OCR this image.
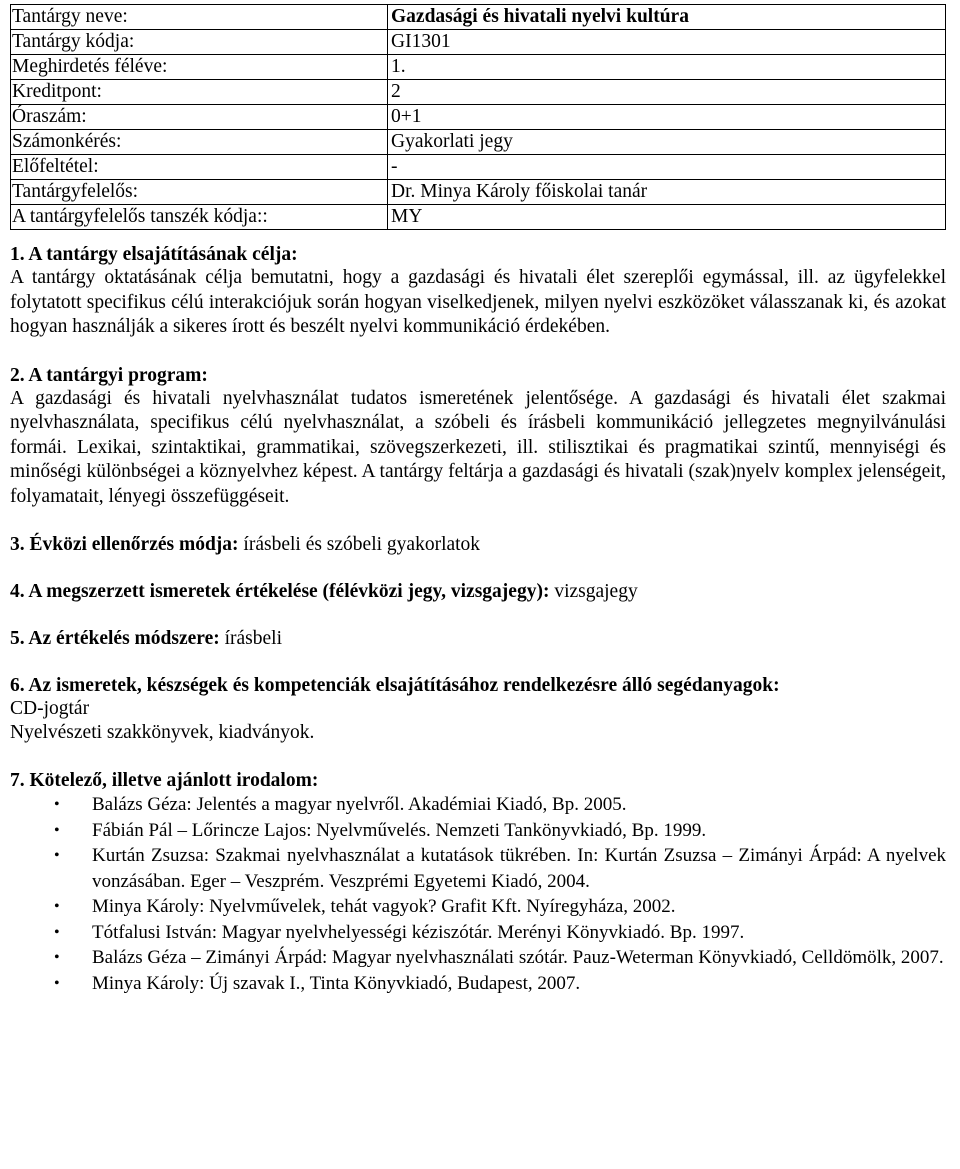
Tantárgy neve:	Gazdasági és hivatali nyelvi kultúra
Tantárgy kódja:	GI1301
Meghirdetés féléve:	1.
Kreditpont:	2
Óraszám:	0+1
Számonkérés:	Gyakorlati jegy
Előfeltétel:	-
Tantárgyfelelős:	Dr. Minya Károly főiskolai tanár
A tantárgyfelelős tanszék kódja::	MY
1. A tantárgy elsajátításának célja:
A tantárgy oktatásának célja bemutatni, hogy a gazdasági és hivatali élet szereplői egymással, ill. az ügyfelekkel folytatott specifikus célú interakciójuk során hogyan viselkedjenek, milyen nyelvi eszközöket válasszanak ki, és azokat hogyan használják a sikeres írott és beszélt nyelvi kommunikáció érdekében.
2. A tantárgyi program:
A gazdasági és hivatali nyelvhasználat tudatos ismeretének jelentősége. A gazdasági és hivatali élet szakmai nyelvhasználata, specifikus célú nyelvhasználat, a szóbeli és írásbeli kommunikáció jellegzetes megnyilvánulási formái. Lexikai, szintaktikai, grammatikai, szövegszerkezeti, ill. stilisztikai és pragmatikai szintű, mennyiségi és minőségi különbségei a köznyelvhez képest. A tantárgy feltárja a gazdasági és hivatali (szak)nyelv komplex jelenségeit, folyamatait, lényegi összefüggéseit.
3. Évközi ellenőrzés módja: írásbeli és szóbeli gyakorlatok
4. A megszerzett ismeretek értékelése (félévközi jegy, vizsgajegy): vizsgajegy
5. Az értékelés módszere: írásbeli
6. Az ismeretek, készségek és kompetenciák elsajátításához rendelkezésre álló segédanyagok:
CD-jogtár
Nyelvészeti szakkönyvek, kiadványok.
7. Kötelező, illetve ajánlott irodalom:
• Balázs Géza: Jelentés a magyar nyelvről. Akadémiai Kiadó, Bp. 2005.
• Fábián Pál – Lőrincze Lajos: Nyelvművelés. Nemzeti Tankönyvkiadó, Bp. 1999.
• Kurtán Zsuzsa: Szakmai nyelvhasználat a kutatások tükrében. In: Kurtán Zsuzsa – Zimányi Árpád: A nyelvek vonzásában. Eger – Veszprém. Veszprémi Egyetemi Kiadó, 2004.
• Minya Károly: Nyelvművelek, tehát vagyok? Grafit Kft. Nyíregyháza, 2002.
• Tótfalusi István: Magyar nyelvhelyességi kéziszótár. Merényi Könyvkiadó. Bp. 1997.
• Balázs Géza – Zimányi Árpád: Magyar nyelvhasználati szótár. Pauz-Weterman Könyvkiadó, Celldömölk, 2007.
• Minya Károly: Új szavak I., Tinta Könyvkiadó, Budapest, 2007.
